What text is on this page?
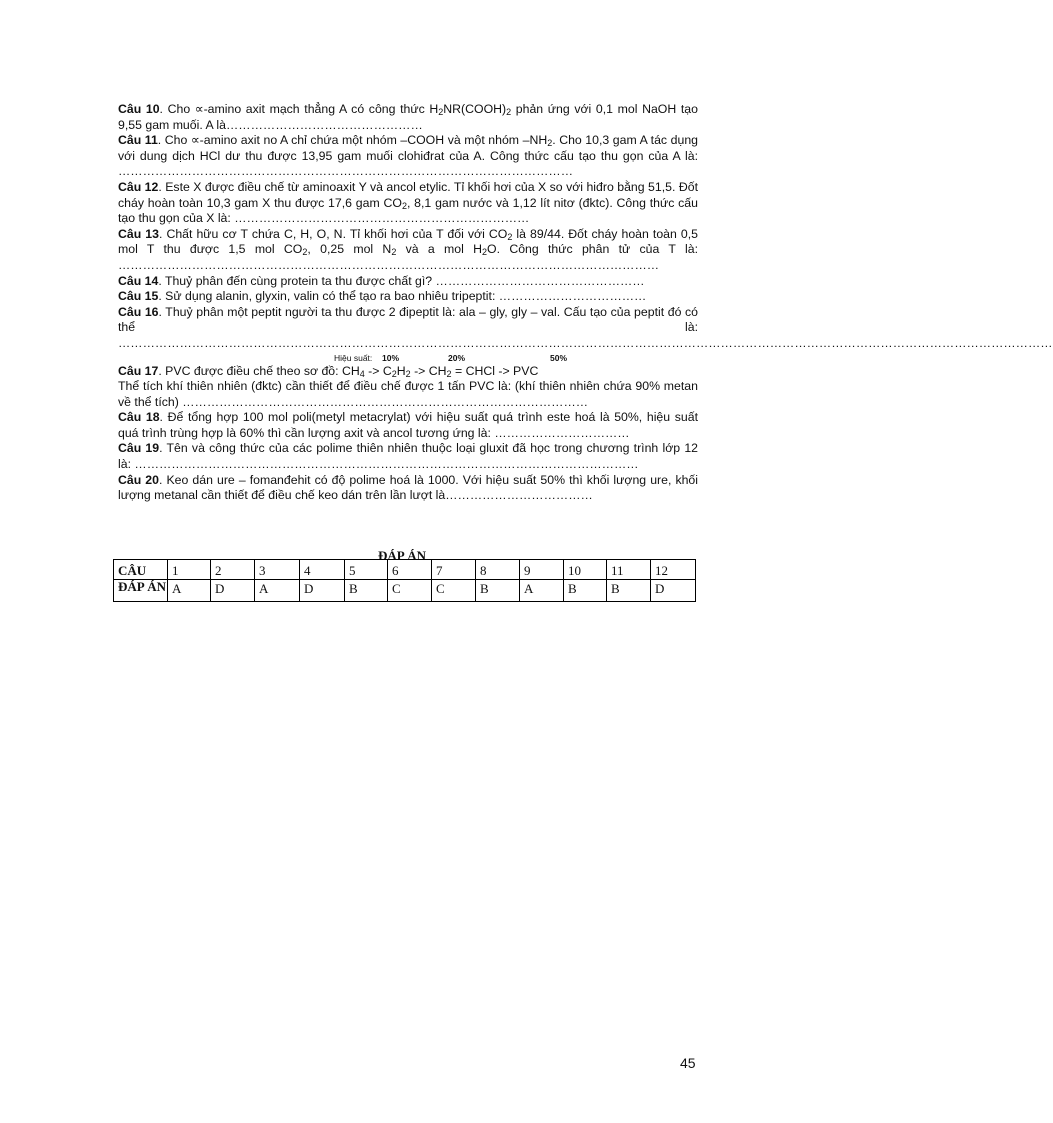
Câu 10. Cho ∝-amino axit mạch thẳng A có công thức $H_2NR(COOH)_2$ phản ứng với 0,1 mol NaOH tạo 9,55 gam muối. A là…………………………………………

Câu 11. Cho ∝-amino axit no A chỉ chứa một nhóm –COOH và một nhóm $-NH_2$. Cho 10,3 gam A tác dụng với dung dịch HCl dư thu được 13,95 gam muối clohiđrat của A. Công thức cấu tạo thu gọn của A là: …………………………………………………………………………………………………

Câu 12. Este X được điều chế từ aminoaxit Y và ancol etylic. Tỉ khối hơi của X so với hiđro bằng 51,5. Đốt cháy hoàn toàn 10,3 gam X thu được 17,6 gam $CO_2$, 8,1 gam nước và 1,12 lít nitơ (đktc). Công thức cấu tạo thu gọn của X là: ………………………………………………………………

Câu 13. Chất hữu cơ T chứa C, H, O, N. Tỉ khối hơi của T đối với $CO_2$ là 89/44. Đốt cháy hoàn toàn 0,5 mol T thu được 1,5 mol $CO_2$, 0,25 mol $N_2$ và a mol $H_2O$. Công thức phân tử của T là: ……………………………………………………………………………………………………………………

Câu 14. Thuỷ phân đến cùng protein ta thu được chất gì? ……………………………………………

Câu 15. Sử dụng alanin, glyxin, valin có thể tạo ra bao nhiêu tripeptit: ………………………………

Câu 16. Thuỷ phân một peptit người ta thu được 2 đipeptit là: ala – gly, gly – val. Cấu tạo của peptit đó có thể là: …………………………………………………………………………………………………………………………………………………………………………………………………………

Hiệu suất: 10%	20%	50%

Câu 17. PVC được điều chế theo sơ đồ: $CH_4 -> C_2H_2 -> CH_2$ = CHCl -> PVC

Thể tích khí thiên nhiên (đktc) cần thiết để điều chế được 1 tấn PVC là: (khí thiên nhiên chứa 90% metan về thể tích) ………………………………………………………………………………………

Câu 18. Để tổng hợp 100 mol poli(metyl metacrylat) với hiệu suất quá trình este hoá là 50%, hiệu suất quá trình trùng hợp là 60% thì cần lượng axit và ancol tương ứng là: ……………………………

Câu 19. Tên và công thức của các polime thiên nhiên thuộc loại gluxit đã học trong chương trình lớp 12 là: ……………………………………………………………………………………………………………

Câu 20. Keo dán ure – fomanđehit có độ polime hoá là 1000. Với hiệu suất 50% thì khối lượng ure, khối lượng metanal cần thiết để điều chế keo dán trên lần lượt là………………………………

ĐÁP ÁN
CÂU	1	2	3	4	5	6	7	8	9	10	11	12
ĐÁP ÁN	A	D	A	D	B	C	C	B	A	B	B	D
45
